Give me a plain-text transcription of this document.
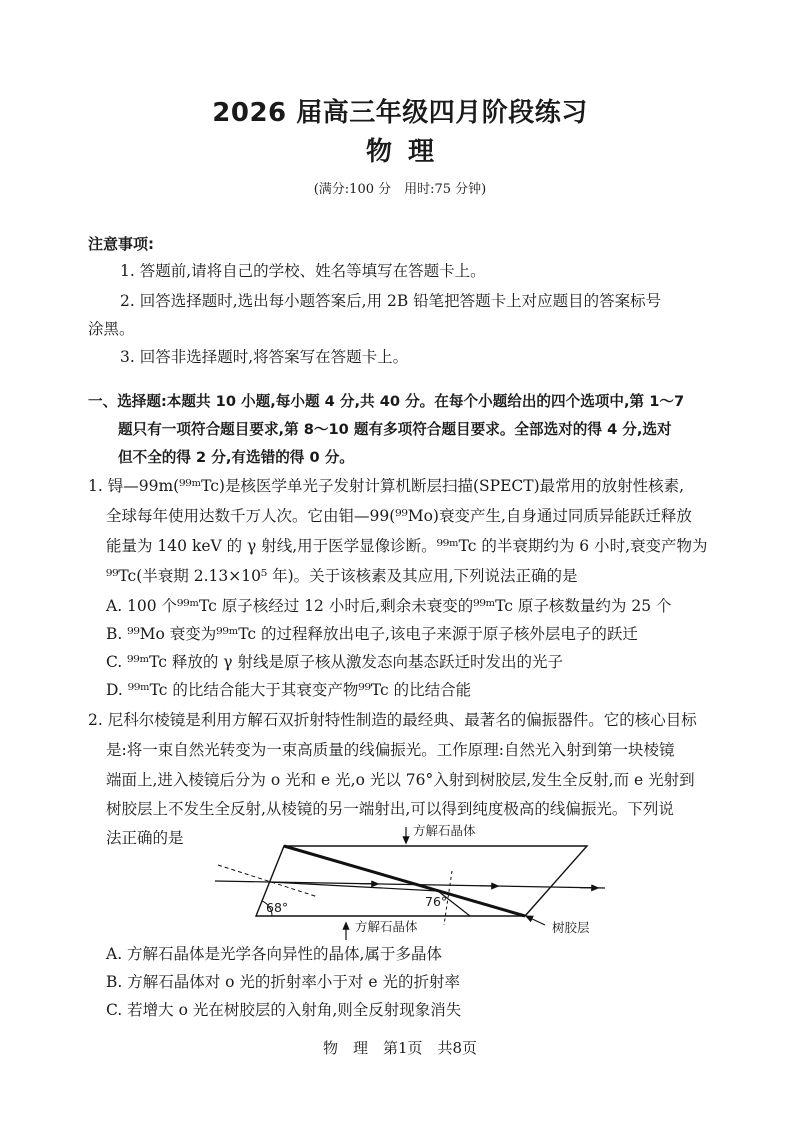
2026 届高三年级四月阶段练习
物理
(满分:100 分　用时:75 分钟)
注意事项:
1. 答题前,请将自己的学校、姓名等填写在答题卡上。
2. 回答选择题时,选出每小题答案后,用 2B 铅笔把答题卡上对应题目的答案标号
涂黑。
3. 回答非选择题时,将答案写在答题卡上。
一、选择题:本题共 10 小题,每小题 4 分,共 40 分。在每个小题给出的四个选项中,第 1～7
题只有一项符合题目要求,第 8～10 题有多项符合题目要求。全部选对的得 4 分,选对
但不全的得 2 分,有选错的得 0 分。
1. 锝—99m(⁹⁹ᵐTc)是核医学单光子发射计算机断层扫描(SPECT)最常用的放射性核素,
全球每年使用达数千万人次。它由钼—99(⁹⁹Mo)衰变产生,自身通过同质异能跃迁释放
能量为 140 keV 的 γ 射线,用于医学显像诊断。⁹⁹ᵐTc 的半衰期约为 6 小时,衰变产物为
⁹⁹Tc(半衰期 2.13×10⁵ 年)。关于该核素及其应用,下列说法正确的是
A. 100 个⁹⁹ᵐTc 原子核经过 12 小时后,剩余未衰变的⁹⁹ᵐTc 原子核数量约为 25 个
B. ⁹⁹Mo 衰变为⁹⁹ᵐTc 的过程释放出电子,该电子来源于原子核外层电子的跃迁
C. ⁹⁹ᵐTc 释放的 γ 射线是原子核从激发态向基态跃迁时发出的光子
D. ⁹⁹ᵐTc 的比结合能大于其衰变产物⁹⁹Tc 的比结合能
2. 尼科尔棱镜是利用方解石双折射特性制造的最经典、最著名的偏振器件。它的核心目标
是:将一束自然光转变为一束高质量的线偏振光。工作原理:自然光入射到第一块棱镜
端面上,进入棱镜后分为 o 光和 e 光,o 光以 76°入射到树胶层,发生全反射,而 e 光射到
树胶层上不发生全反射,从棱镜的另一端射出,可以得到纯度极高的线偏振光。下列说
法正确的是	方解石晶体
方解石晶体	树胶层
68°	76°
A. 方解石晶体是光学各向异性的晶体,属于多晶体
B. 方解石晶体对 o 光的折射率小于对 e 光的折射率
C. 若增大 o 光在树胶层的入射角,则全反射现象消失
物　理　第1页　共8页
